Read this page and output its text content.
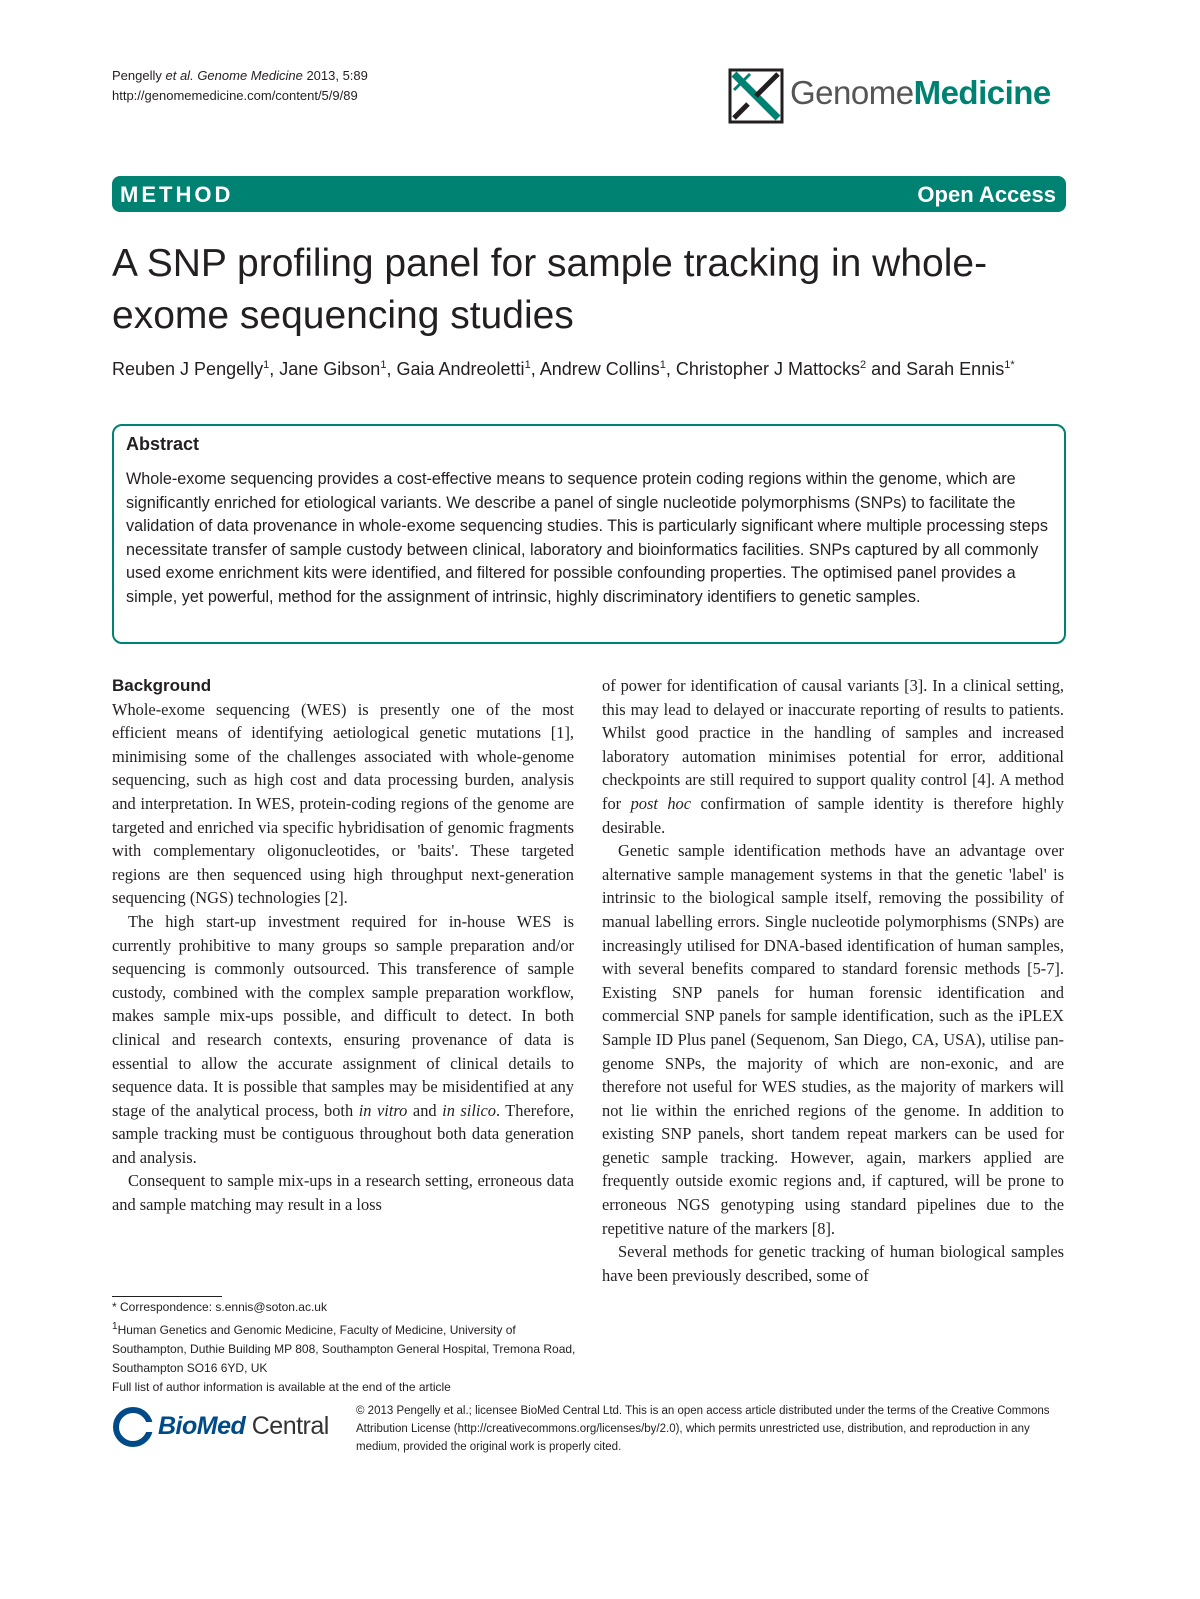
Pengelly et al. Genome Medicine 2013, 5:89
http://genomemedicine.com/content/5/9/89	GenomeMedicine
METHOD	Open Access
A SNP profiling panel for sample tracking in whole-exome sequencing studies
Reuben J Pengelly$^1$, Jane Gibson$^1$, Gaia Andreoletti$^1$, Andrew Collins$^1$, Christopher J Mattocks$^2$ and Sarah Ennis$^{1*}$
Abstract
Whole-exome sequencing provides a cost-effective means to sequence protein coding regions within the genome, which are significantly enriched for etiological variants. We describe a panel of single nucleotide polymorphisms (SNPs) to facilitate the validation of data provenance in whole-exome sequencing studies. This is particularly significant where multiple processing steps necessitate transfer of sample custody between clinical, laboratory and bioinformatics facilities. SNPs captured by all commonly used exome enrichment kits were identified, and filtered for possible confounding properties. The optimised panel provides a simple, yet powerful, method for the assignment of intrinsic, highly discriminatory identifiers to genetic samples.
Background

Whole-exome sequencing (WES) is presently one of the most efficient means of identifying aetiological genetic mutations [1], minimising some of the challenges associated with whole-genome sequencing, such as high cost and data processing burden, analysis and interpretation. In WES, protein-coding regions of the genome are targeted and enriched via specific hybridisation of genomic fragments with complementary oligonucleotides, or 'baits'. These targeted regions are then sequenced using high throughput next-generation sequencing (NGS) technologies [2].

The high start-up investment required for in-house WES is currently prohibitive to many groups so sample preparation and/or sequencing is commonly outsourced. This transference of sample custody, combined with the complex sample preparation workflow, makes sample mix-ups possible, and difficult to detect. In both clinical and research contexts, ensuring provenance of data is essential to allow the accurate assignment of clinical details to sequence data. It is possible that samples may be misidentified at any stage of the analytical process, both in vitro and in silico. Therefore, sample tracking must be contiguous throughout both data generation and analysis.

Consequent to sample mix-ups in a research setting, erroneous data and sample matching may result in a loss

of power for identification of causal variants [3]. In a clinical setting, this may lead to delayed or inaccurate reporting of results to patients. Whilst good practice in the handling of samples and increased laboratory automation minimises potential for error, additional checkpoints are still required to support quality control [4]. A method for post hoc confirmation of sample identity is therefore highly desirable.

Genetic sample identification methods have an advantage over alternative sample management systems in that the genetic 'label' is intrinsic to the biological sample itself, removing the possibility of manual labelling errors. Single nucleotide polymorphisms (SNPs) are increasingly utilised for DNA-based identification of human samples, with several benefits compared to standard forensic methods [5-7]. Existing SNP panels for human forensic identification and commercial SNP panels for sample identification, such as the iPLEX Sample ID Plus panel (Sequenom, San Diego, CA, USA), utilise pan-genome SNPs, the majority of which are non-exonic, and are therefore not useful for WES studies, as the majority of markers will not lie within the enriched regions of the genome. In addition to existing SNP panels, short tandem repeat markers can be used for genetic sample tracking. However, again, markers applied are frequently outside exomic regions and, if captured, will be prone to erroneous NGS genotyping using standard pipelines due to the repetitive nature of the markers [8].

Several methods for genetic tracking of human biological samples have been previously described, some of

* Correspondence: s.ennis@soton.ac.uk
$^1$Human Genetics and Genomic Medicine, Faculty of Medicine, University of Southampton, Duthie Building MP 808, Southampton General Hospital, Tremona Road, Southampton SO16 6YD, UK
Full list of author information is available at the end of the article
BioMed Central
© 2013 Pengelly et al.; licensee BioMed Central Ltd. This is an open access article distributed under the terms of the Creative Commons Attribution License (http://creativecommons.org/licenses/by/2.0), which permits unrestricted use, distribution, and reproduction in any medium, provided the original work is properly cited.
